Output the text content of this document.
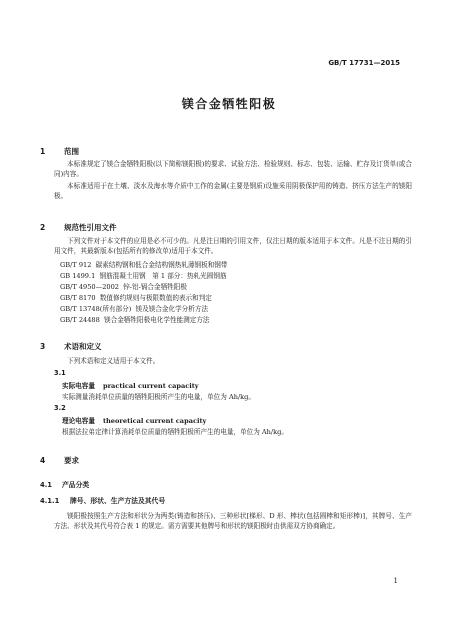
GB/T 17731—2015
镁合金牺牲阳极
1	范围
本标准规定了镁合金牺牲阳极(以下简称镁阳极)的要求、试验方法、检验规则、标志、包装、运输、贮存及订货单(或合同)内容。
本标准适用于在土壤、淡水及海水等介质中工作的金属(主要是钢质)设施采用阴极保护用的铸造、挤压方法生产的镁阳极。
2	规范性引用文件
下列文件对于本文件的应用是必不可少的。凡是注日期的引用文件，仅注日期的版本适用于本文件。凡是不注日期的引用文件，其最新版本(包括所有的修改单)适用于本文件。
GB/T 912 碳素结构钢和低合金结构钢热轧薄钢板和钢带
GB 1499.1 钢筋混凝土用钢　第 1 部分：热轧光圆钢筋
GB/T 4950—2002 锌-铝-镉合金牺牲阳极
GB/T 8170 数值修约规则与极限数值的表示和判定
GB/T 13748(所有部分) 镁及镁合金化学分析方法
GB/T 24488 镁合金牺牲阳极电化学性能测定方法
3	术语和定义
下列术语和定义适用于本文件。
3.1
实际电容量 practical current capacity
实际测量消耗单位质量的牺牲阳极所产生的电量，单位为 Ah/kg。
3.2
理论电容量 theoretical current capacity
根据法拉弟定律计算消耗单位质量的牺牲阳极所产生的电量，单位为 Ah/kg。
4	要求
4.1 产品分类
4.1.1 牌号、形状、生产方法及其代号
镁阳极按照生产方法和形状分为两类(铸造和挤压)、三种形状[梯形、D 形、棒状(包括圆棒和矩形棒)]，其牌号、生产方法、形状及其代号符合表 1 的规定。需方需要其他牌号和形状的镁阳极时由供需双方协商确定。
1
